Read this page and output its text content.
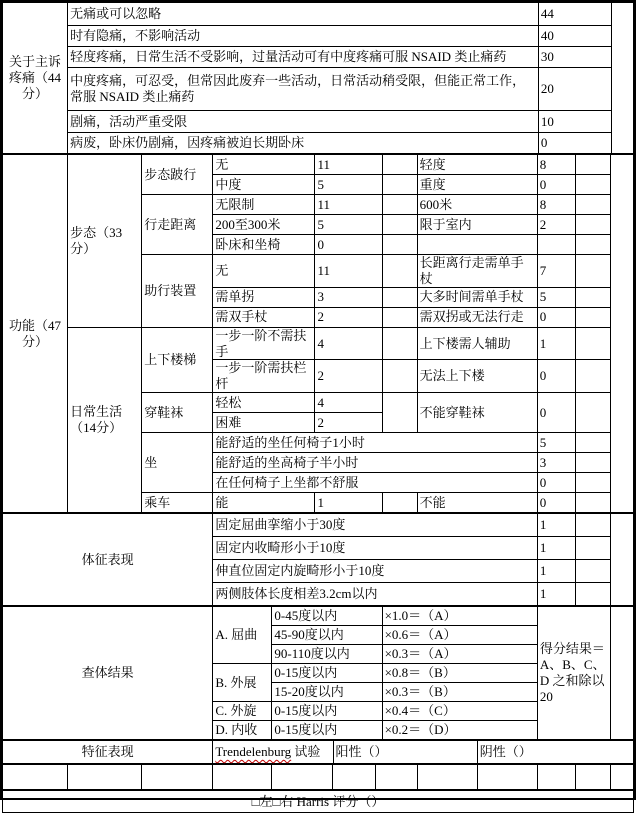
关于主诉疼痛（44分）	无痛或可以忽略	44	
	时有隐痛，不影响活动	40	
	轻度疼痛，日常生活不受影响，过量活动可有中度疼痛可服 NSAID 类止痛药	30	
	中度疼痛，可忍受，但常因此废弃一些活动，日常活动稍受限，但能正常工作，常服 NSAID 类止痛药	20	
	剧痛，活动严重受限	10	
	病废，卧床仍剧痛，因疼痛被迫长期卧床	0	
功能（47分）	步态（33分）	步态跛行	无	11		轻度	8		
			中度	5		重度	0		
		行走距离	无限制	11		600米	8		
			200至300米	5		限于室内	2		
			卧床和坐椅	0					
		助行装置	无	11		长距离行走需单手杖	7		
			需单拐	3		大多时间需单手杖	5		
			需双手杖	2		需双拐或无法行走	0		
	日常生活（14分）	上下楼梯	一步一阶不需扶手	4		上下楼需人辅助	1		
			一步一阶需扶栏杆	2		无法上下楼	0		
		穿鞋袜	轻松	4		不能穿鞋袜	0		
			困难	2					
		坐	能舒适的坐任何椅子1小时				5		
			能舒适的坐高椅子半小时				3		
			在任何椅子上坐都不舒服				0		
		乘车	能	1		不能	0		
体征表现	固定屈曲挛缩小于30度	1		
	固定内收畸形小于10度	1		
	伸直位固定内旋畸形小于10度	1		
	两侧肢体长度相差3.2cm以内	1		
查体结果	A. 屈曲	0-45度以内	×1.0＝（A）	得分结果＝A、B、C、D 之和除以20	
		45-90度以内	×0.6＝（A）		
		90-110度以内	×0.3＝（A）		
	B. 外展	0-15度以内	×0.8＝（B）		
		15-20度以内	×0.3＝（B）		
	C. 外旋	0-15度以内	×0.4＝（C）		
	D. 内收	0-15度以内	×0.2＝（D）		
特征表现	Trendelenburg 试验	阳性（）	阴性（）

□左□右 Harris 评分（）
